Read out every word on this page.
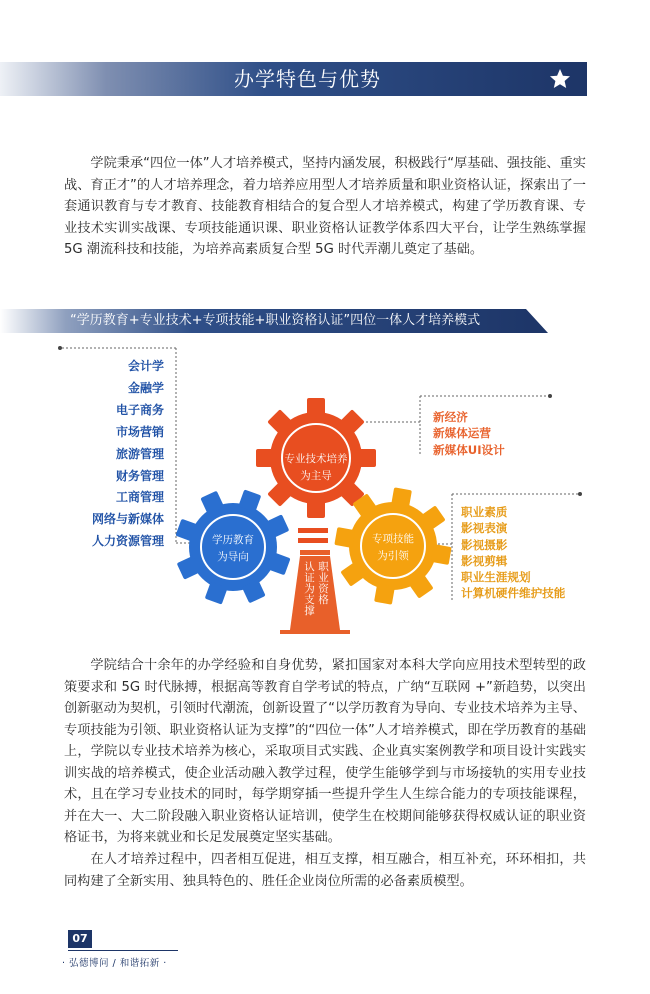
办学特色与优势

学院秉承“四位一体”人才培养模式，坚持内涵发展，积极践行“厚基础、强技能、重实战、育正才”的人才培养理念，着力培养应用型人才培养质量和职业资格认证，探索出了一套通识教育与专才教育、技能教育相结合的复合型人才培养模式，构建了学历教育课、专业技术实训实战课、专项技能通识课、职业资格认证教学体系四大平台，让学生熟练掌握 5G 潮流科技和技能，为培养高素质复合型 5G 时代弄潮儿奠定了基础。

“学历教育+专业技术+专项技能+职业资格认证”四位一体人才培养模式
专业技术培养
为主导
学历教育
为导向
专项技能
为引领
职业资格
认证为支撑
会计学
金融学
电子商务
市场营销
旅游管理
财务管理
工商管理
网络与新媒体
人力资源管理
新经济
新媒体运营
新媒体UI设计
职业素质
影视表演
影视摄影
影视剪辑
职业生涯规划
计算机硬件维护技能

学院结合十余年的办学经验和自身优势，紧扣国家对本科大学向应用技术型转型的政策要求和 5G 时代脉搏，根据高等教育自学考试的特点，广纳“互联网 +”新趋势，以突出创新驱动为契机，引领时代潮流，创新设置了“以学历教育为导向、专业技术培养为主导、专项技能为引领、职业资格认证为支撑”的“四位一体”人才培养模式，即在学历教育的基础上，学院以专业技术培养为核心，采取项目式实践、企业真实案例教学和项目设计实践实训实战的培养模式，使企业活动融入教学过程，使学生能够学到与市场接轨的实用专业技术，且在学习专业技术的同时，每学期穿插一些提升学生人生综合能力的专项技能课程，并在大一、大二阶段融入职业资格认证培训，使学生在校期间能够获得权威认证的职业资格证书，为将来就业和长足发展奠定坚实基础。

在人才培养过程中，四者相互促进，相互支撑，相互融合，相互补充，环环相扣，共同构建了全新实用、独具特色的、胜任企业岗位所需的必备素质模型。

07
· 弘德博问 / 和谐拓新 ·
